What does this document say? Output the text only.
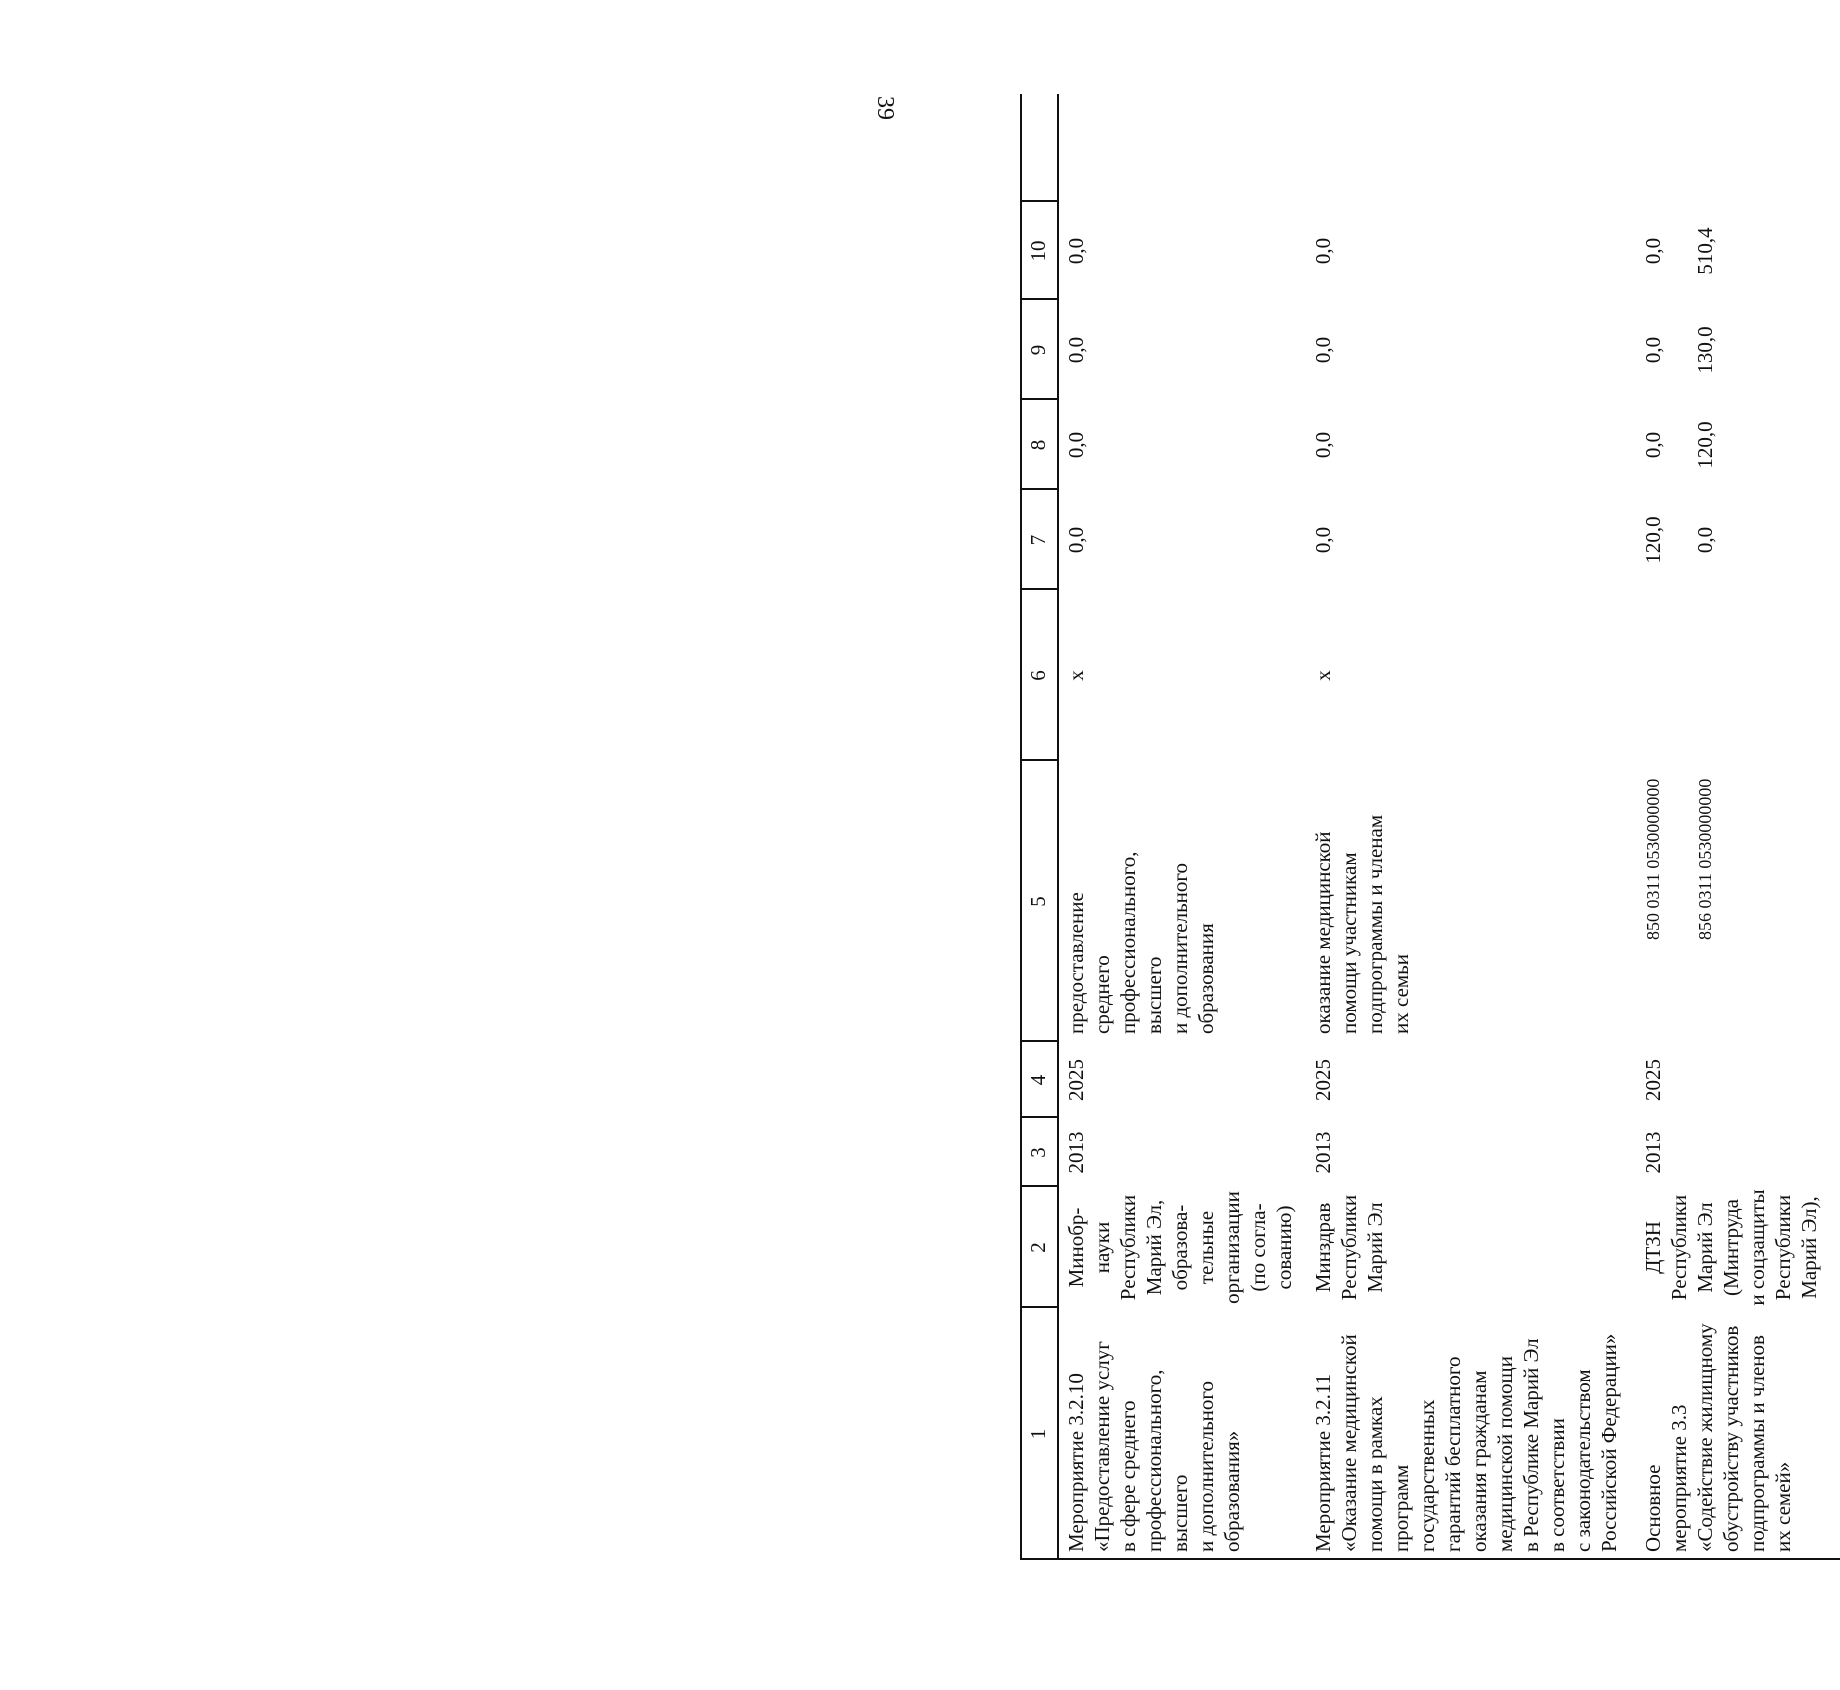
39
1
2
3
4
5
6
7
8
9
10
Мероприятие 3.2.10 «Предоставление услуг в сфере среднего профессионального, высшего и дополнительного образования»
Минобр- науки Республики Марий Эл, образова- тельные организации (по согла- сованию)
2013
2025
предоставление среднего профессионального, высшего и дополнительного образования
x
0,0
0,0
0,0
0,0
Мероприятие 3.2.11 «Оказание медицинской помощи в рамках программ государственных гарантий бесплатного оказания гражданам медицинской помощи в Республике Марий Эл в соответствии с законодательством Российской Федерации»
Минздрав Республики Марий Эл
2013
2025
оказание медицинской помощи участникам подпрограммы и членам их семьи
x
0,0
0,0
0,0
0,0
Основное мероприятие 3.3 «Содействие жилищному обустройству участников подпрограммы и членов их семей»
ДТЗН Республики Марий Эл (Минтруда и соцзащиты Республики Марий Эл),
2013
2025
850 0311 0530000000 856 0311 0530000000
120,0 0,0
0,0 120,0
0,0 130,0
0,0 510,4
